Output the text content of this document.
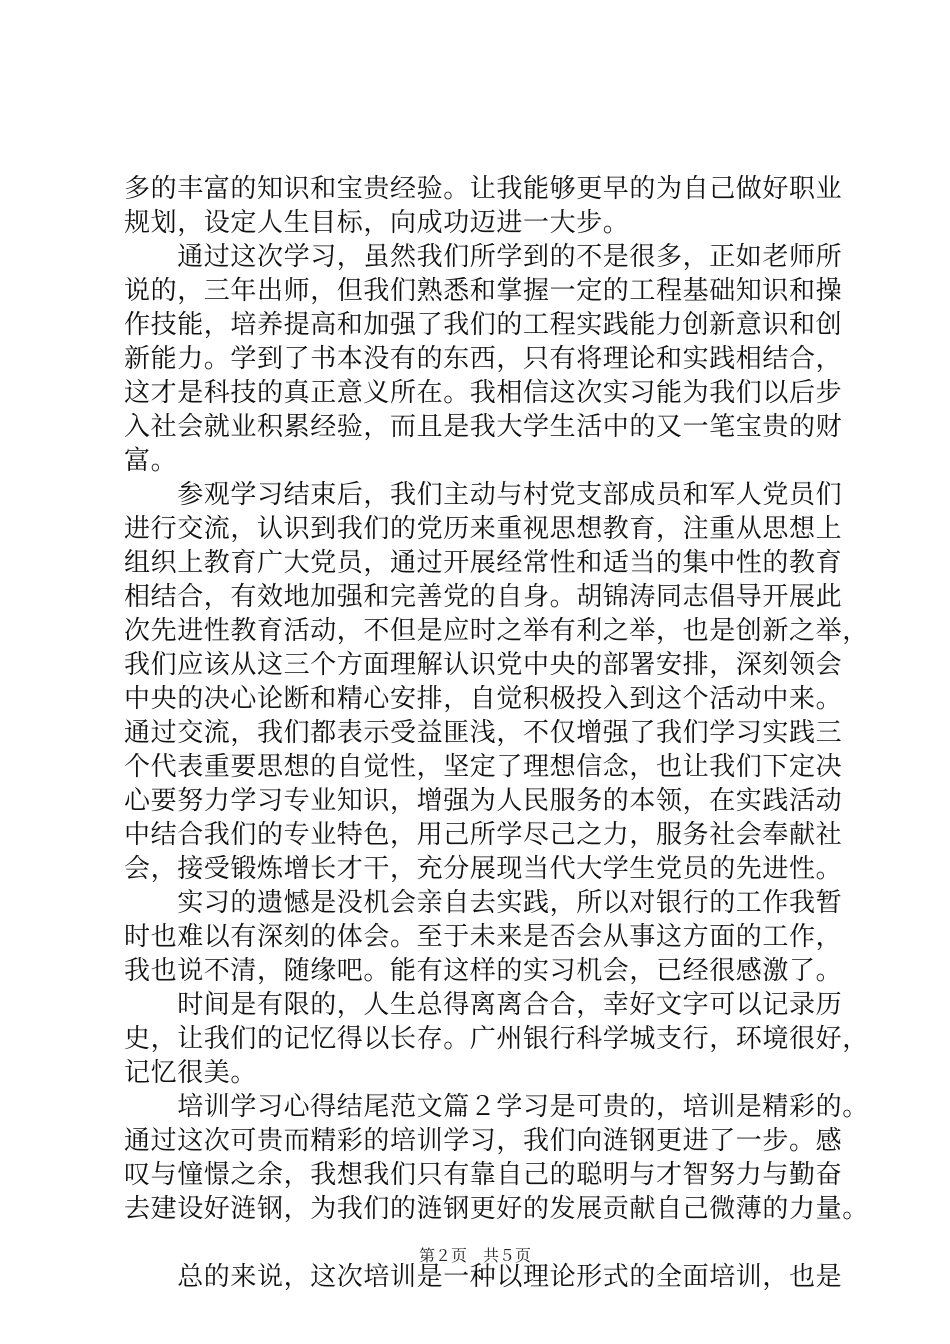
多的丰富的知识和宝贵经验。让我能够更早的为自己做好职业
规划，设定人生目标，向成功迈进一大步。
　　通过这次学习，虽然我们所学到的不是很多，正如老师所
说的，三年出师，但我们熟悉和掌握一定的工程基础知识和操
作技能，培养提高和加强了我们的工程实践能力创新意识和创
新能力。学到了书本没有的东西，只有将理论和实践相结合，
这才是科技的真正意义所在。我相信这次实习能为我们以后步
入社会就业积累经验，而且是我大学生活中的又一笔宝贵的财
富。
　　参观学习结束后，我们主动与村党支部成员和军人党员们
进行交流，认识到我们的党历来重视思想教育，注重从思想上
组织上教育广大党员，通过开展经常性和适当的集中性的教育
相结合，有效地加强和完善党的自身。胡锦涛同志倡导开展此
次先进性教育活动，不但是应时之举有利之举，也是创新之举，
我们应该从这三个方面理解认识党中央的部署安排，深刻领会
中央的决心论断和精心安排，自觉积极投入到这个活动中来。
通过交流，我们都表示受益匪浅，不仅增强了我们学习实践三
个代表重要思想的自觉性，坚定了理想信念，也让我们下定决
心要努力学习专业知识，增强为人民服务的本领，在实践活动
中结合我们的专业特色，用己所学尽己之力，服务社会奉献社
会，接受锻炼增长才干，充分展现当代大学生党员的先进性。
　　实习的遗憾是没机会亲自去实践，所以对银行的工作我暂
时也难以有深刻的体会。至于未来是否会从事这方面的工作，
我也说不清，随缘吧。能有这样的实习机会，已经很感激了。
　　时间是有限的，人生总得离离合合，幸好文字可以记录历
史，让我们的记忆得以长存。广州银行科学城支行，环境很好，
记忆很美。
　　培训学习心得结尾范文篇２学习是可贵的，培训是精彩的。
通过这次可贵而精彩的培训学习，我们向涟钢更进了一步。感
叹与憧憬之余，我想我们只有靠自己的聪明与才智努力与勤奋
去建设好涟钢，为我们的涟钢更好的发展贡献自己微薄的力量。
　　总的来说，这次培训是一种以理论形式的全面培训，也是
第２页　共５页
